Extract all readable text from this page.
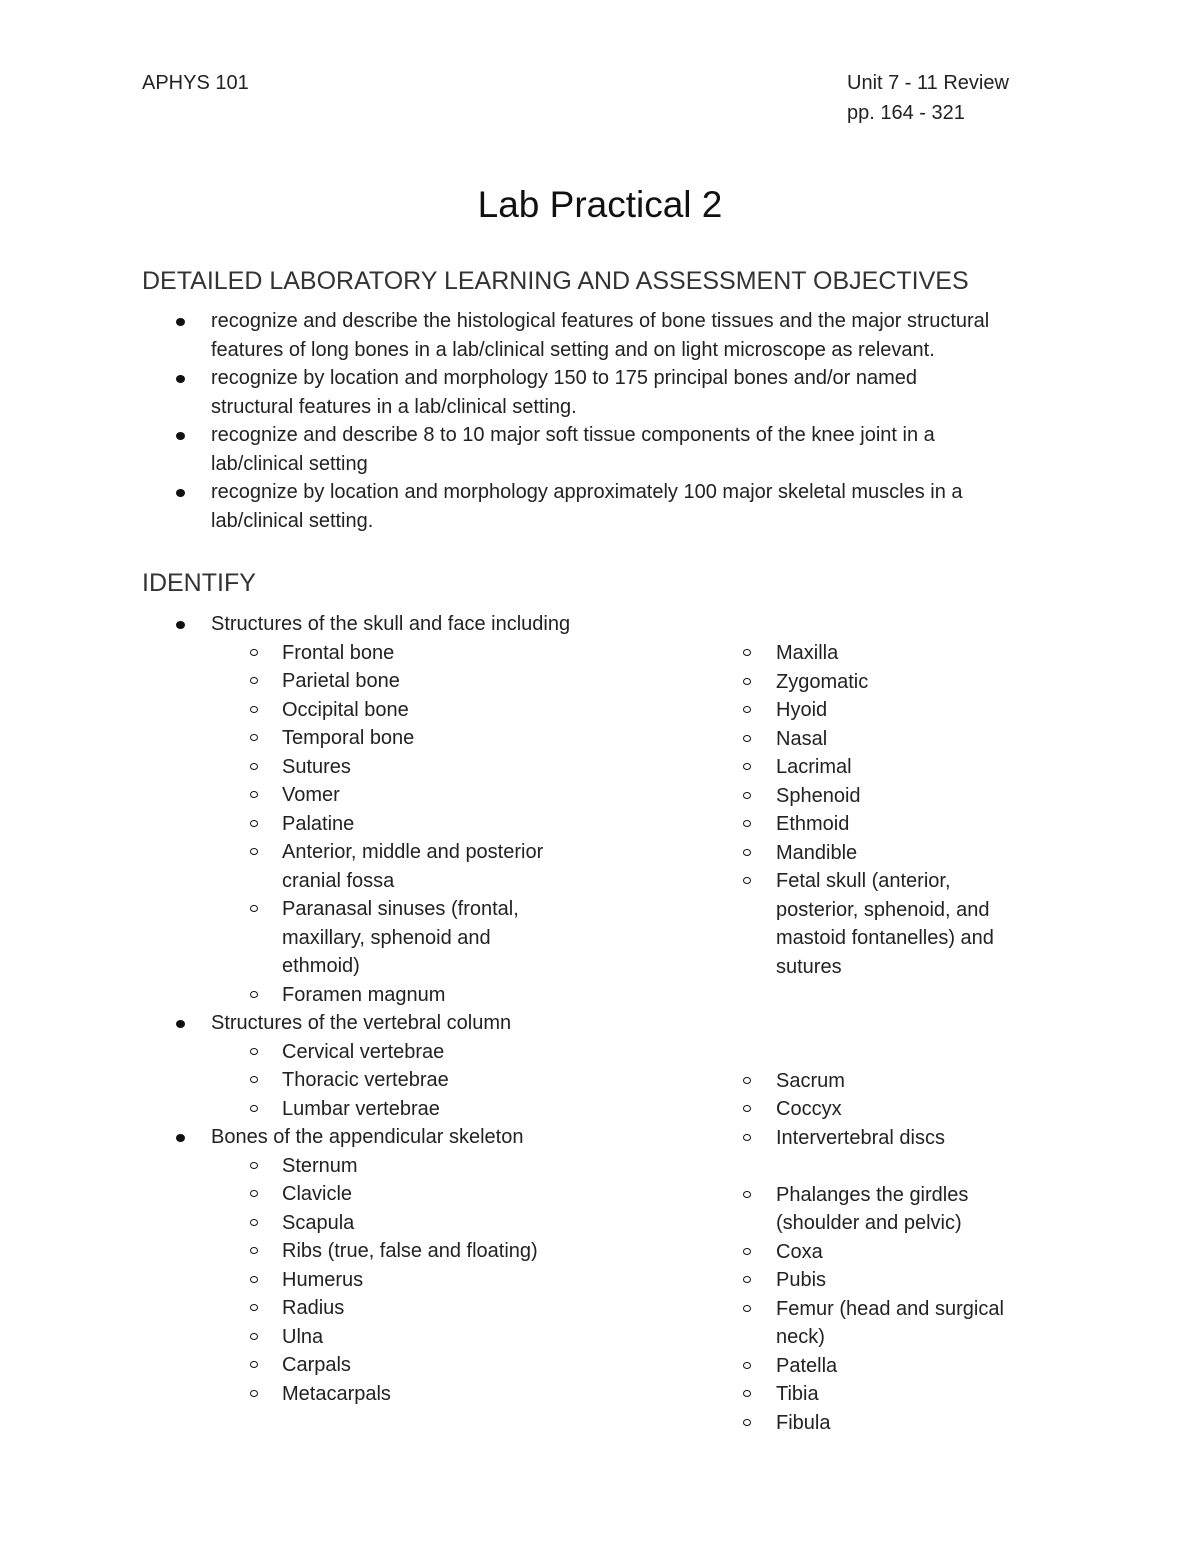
APHYS 101	Unit 7 - 11 Review
pp. 164 - 321
Lab Practical 2
DETAILED LABORATORY LEARNING AND ASSESSMENT OBJECTIVES
recognize and describe the histological features of bone tissues and the major structural
features of long bones in a lab/clinical setting and on light microscope as relevant.
recognize by location and morphology 150 to 175 principal bones and/or named
structural features in a lab/clinical setting.
recognize and describe 8 to 10 major soft tissue components of the knee joint in a
lab/clinical setting
recognize by location and morphology approximately 100 major skeletal muscles in a
lab/clinical setting.
IDENTIFY
Structures of the skull and face including
Frontal bone
Parietal bone
Occipital bone
Temporal bone
Sutures
Vomer
Palatine
Anterior, middle and posterior
cranial fossa
Paranasal sinuses (frontal,
maxillary, sphenoid and
ethmoid)
Foramen magnum
Structures of the vertebral column
Cervical vertebrae
Thoracic vertebrae
Lumbar vertebrae
Bones of the appendicular skeleton
Sternum
Clavicle
Scapula
Ribs (true, false and floating)
Humerus
Radius
Ulna
Carpals
Metacarpals
Maxilla
Zygomatic
Hyoid
Nasal
Lacrimal
Sphenoid
Ethmoid
Mandible
Fetal skull (anterior,
posterior, sphenoid, and
mastoid fontanelles) and
sutures

Sacrum
Coccyx
Intervertebral discs

Phalanges the girdles
(shoulder and pelvic)
Coxa
Pubis
Femur (head and surgical
neck)
Patella
Tibia
Fibula
